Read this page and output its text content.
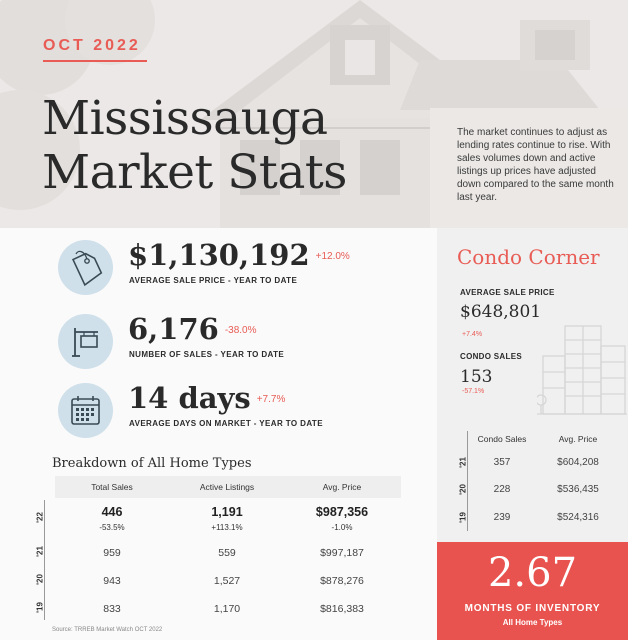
OCT 2022
Mississauga
Market Stats
The market continues to adjust as lending rates continue to rise. With sales volumes down and active listings up prices have adjusted down compared to the same month last year.
$1,130,192 $^{+12.0\%}$
AVERAGE SALE PRICE - YEAR TO DATE
6,176 $^{-38.0\%}$
NUMBER OF SALES - YEAR TO DATE
14 days $^{+7.7\%}$
AVERAGE DAYS ON MARKET - YEAR TO DATE
Breakdown of All Home Types
Total Sales	Active Listings	Avg. Price
'22	446	1,191	$987,356
-53.5%	+113.1%	-1.0%
'21	959	559	$997,187
'20	943	1,527	$878,276
'19	833	1,170	$816,383
Source: TRREB Market Watch OCT 2022
Condo Corner
AVERAGE SALE PRICE
$648,801
+7.4%
CONDO SALES
153
-57.1%
Condo Sales	Avg. Price
'21	357	$604,208
'20	228	$536,435
'19	239	$524,316
2.67
MONTHS OF INVENTORY
All Home Types
